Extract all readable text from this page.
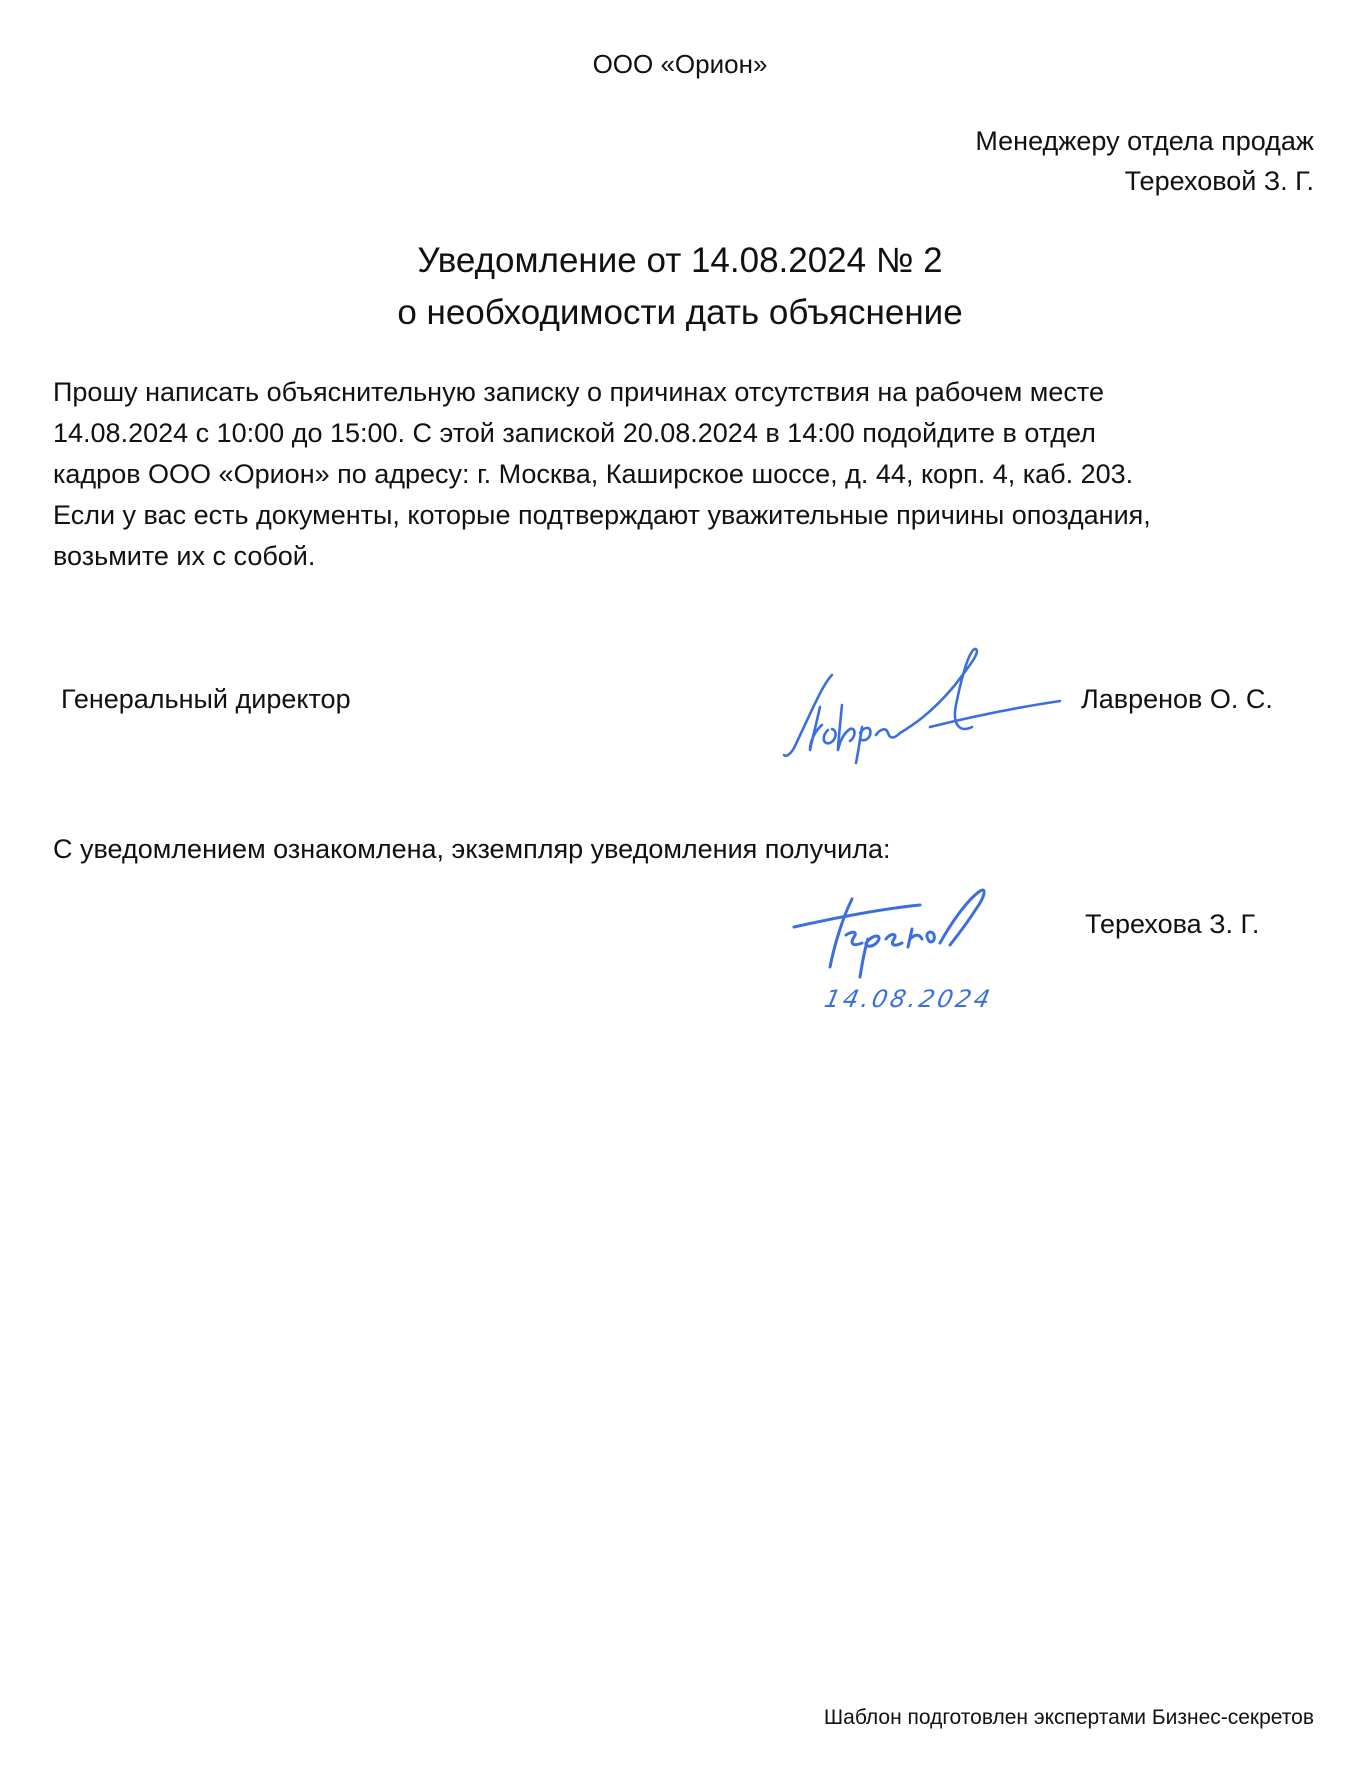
ООО «Орион»
Менеджеру отдела продаж
Тереховой З. Г.
Уведомление от 14.08.2024 № 2
о необходимости дать объяснение
Прошу написать объяснительную записку о причинах отсутствия на рабочем месте
14.08.2024 с 10:00 до 15:00. С этой запиской 20.08.2024 в 14:00 подойдите в отдел
кадров ООО «Орион» по адресу: г. Москва, Каширское шоссе, д. 44, корп. 4, каб. 203.
Если у вас есть документы, которые подтверждают уважительные причины опоздания,
возьмите их с собой.
Генеральный директор	Лавренов О. С.
С уведомлением ознакомлена, экземпляр уведомления получила:
Терехова З. Г.
14.08.2024
Шаблон подготовлен экспертами Бизнес-секретов
